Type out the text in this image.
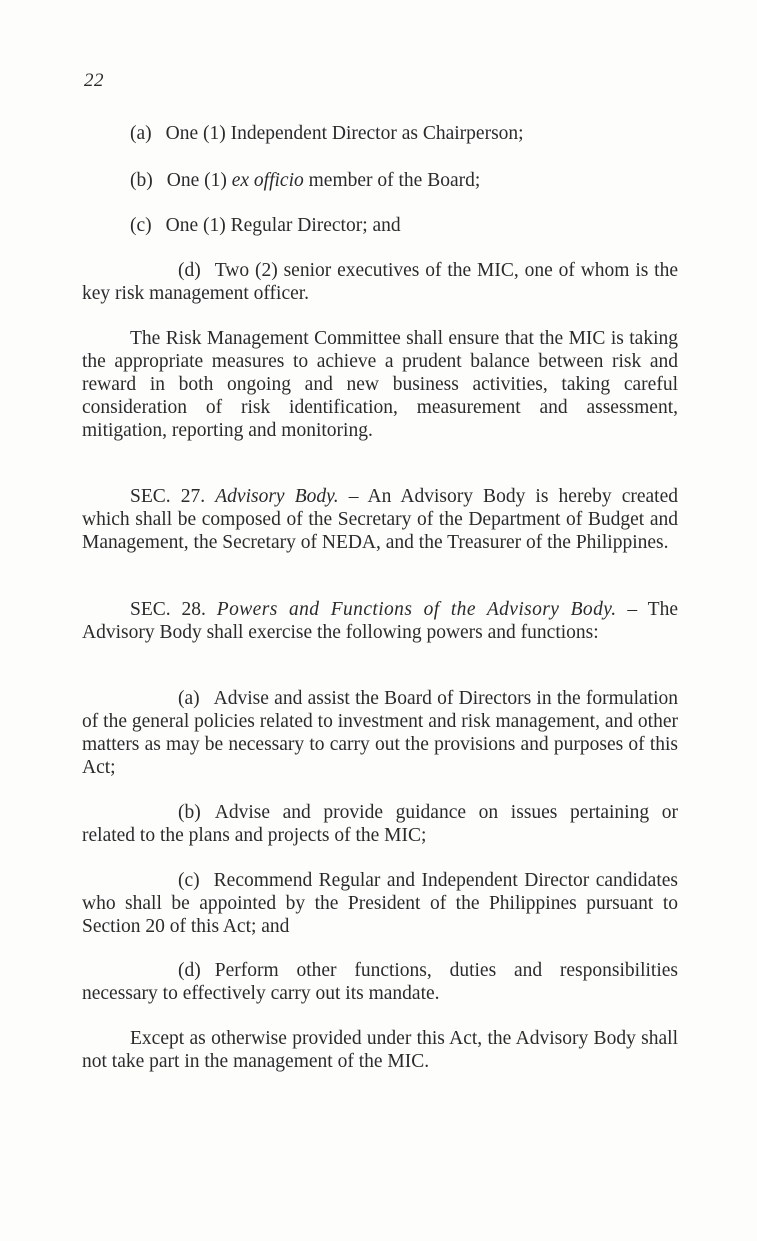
22
(a) One (1) Independent Director as Chairperson;
(b) One (1) ex officio member of the Board;
(c) One (1) Regular Director; and

(d) Two (2) senior executives of the MIC, one of whom is the key risk management officer.

The Risk Management Committee shall ensure that the MIC is taking the appropriate measures to achieve a prudent balance between risk and reward in both ongoing and new business activities, taking careful consideration of risk identification, measurement and assessment, mitigation, reporting and monitoring.

SEC. 27. Advisory Body. – An Advisory Body is hereby created which shall be composed of the Secretary of the Department of Budget and Management, the Secretary of NEDA, and the Treasurer of the Philippines.

SEC. 28. Powers and Functions of the Advisory Body. – The Advisory Body shall exercise the following powers and functions:

(a) Advise and assist the Board of Directors in the formulation of the general policies related to investment and risk management, and other matters as may be necessary to carry out the provisions and purposes of this Act;

(b) Advise and provide guidance on issues pertaining or related to the plans and projects of the MIC;

(c) Recommend Regular and Independent Director candidates who shall be appointed by the President of the Philippines pursuant to Section 20 of this Act; and

(d) Perform other functions, duties and responsibilities necessary to effectively carry out its mandate.

Except as otherwise provided under this Act, the Advisory Body shall not take part in the management of the MIC.
